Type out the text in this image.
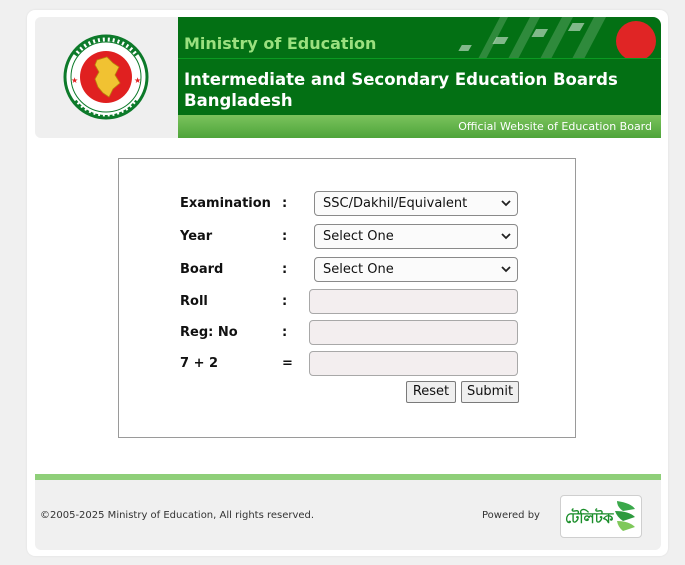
★	★
Ministry of Education
Intermediate and Secondary Education Boards Bangladesh
Official Website of Education Board
Examination :	SSC/Dakhil/Equivalent
Year	:	Select One
Board	:	Select One
Roll	:
Reg: No	:
7 + 2	=
Reset	Submit
©2005-2025 Ministry of Education, All rights reserved.	Powered by টেলিটক
